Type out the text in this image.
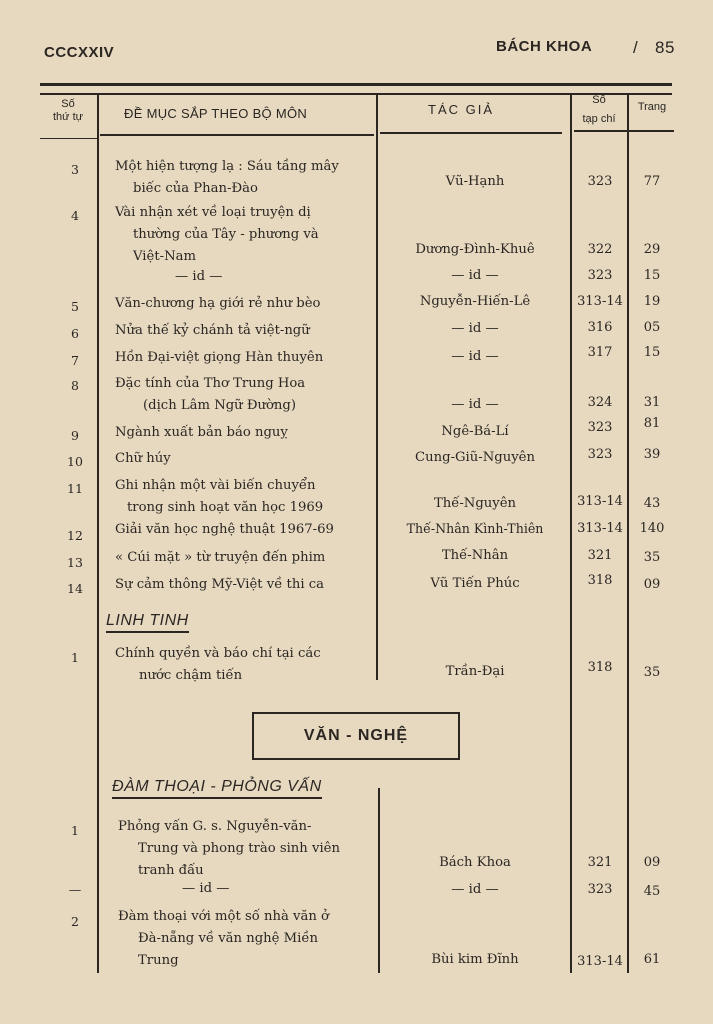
CCCXXIV	BÁCH KHOA / 85
Số
thứ tự	ĐỀ MỤC SẮP THEO BỘ MÔN	TÁC GIẢ
Số
tạp chí
Trang
3	Một hiện tượng lạ : Sáu tầng mây
biếc của Phan-Đào	Vũ-Hạnh	323	77
4	Vài nhận xét về loại truyện dị
thường của Tây - phương và
Việt-Nam	Dương-Đình-Khuê	322	29
— id —	— id —	323	15
5	Văn-chương hạ giới rẻ như bèo	Nguyễn-Hiến-Lê	313-14	19
6	Nửa thế kỷ chánh tả việt-ngữ	— id —	316	05
7	Hồn Đại-việt giọng Hàn thuyên	— id —	317	15
8	Đặc tính của Thơ Trung Hoa
(dịch Lâm Ngữ Đường)	— id —	324	31
9	Ngành xuất bản báo nguỵ	Ngê-Bá-Lí	323	81
10	Chữ húy	Cung-Giũ-Nguyên	323	39
11	Ghi nhận một vài biến chuyển
trong sinh hoạt văn học 1969	Thế-Nguyên	313-14	43
12	Giải văn học nghệ thuật 1967-69	Thế-Nhân Kình-Thiên	313-14	140
13	« Cúi mặt » từ truyện đến phim	Thế-Nhân	321	35
14	Sự cảm thông Mỹ-Việt về thi ca	Vũ Tiến Phúc	318	09
LINH TINH
1	Chính quyền và báo chí tại các
nước chậm tiến	Trần-Đại	318	35
VĂN - NGHỆ
ĐÀM THOẠI - PHỎNG VẤN
1	Phỏng vấn G. s. Nguyễn-văn-
Trung và phong trào sinh viên
tranh đấu
Bách Khoa	321	09
—	— id —	— id —	323	45
2	Đàm thoại với một số nhà văn ở
Đà-nẵng về văn nghệ Miền
Trung	Bùi kim Đĩnh	313-14	61
